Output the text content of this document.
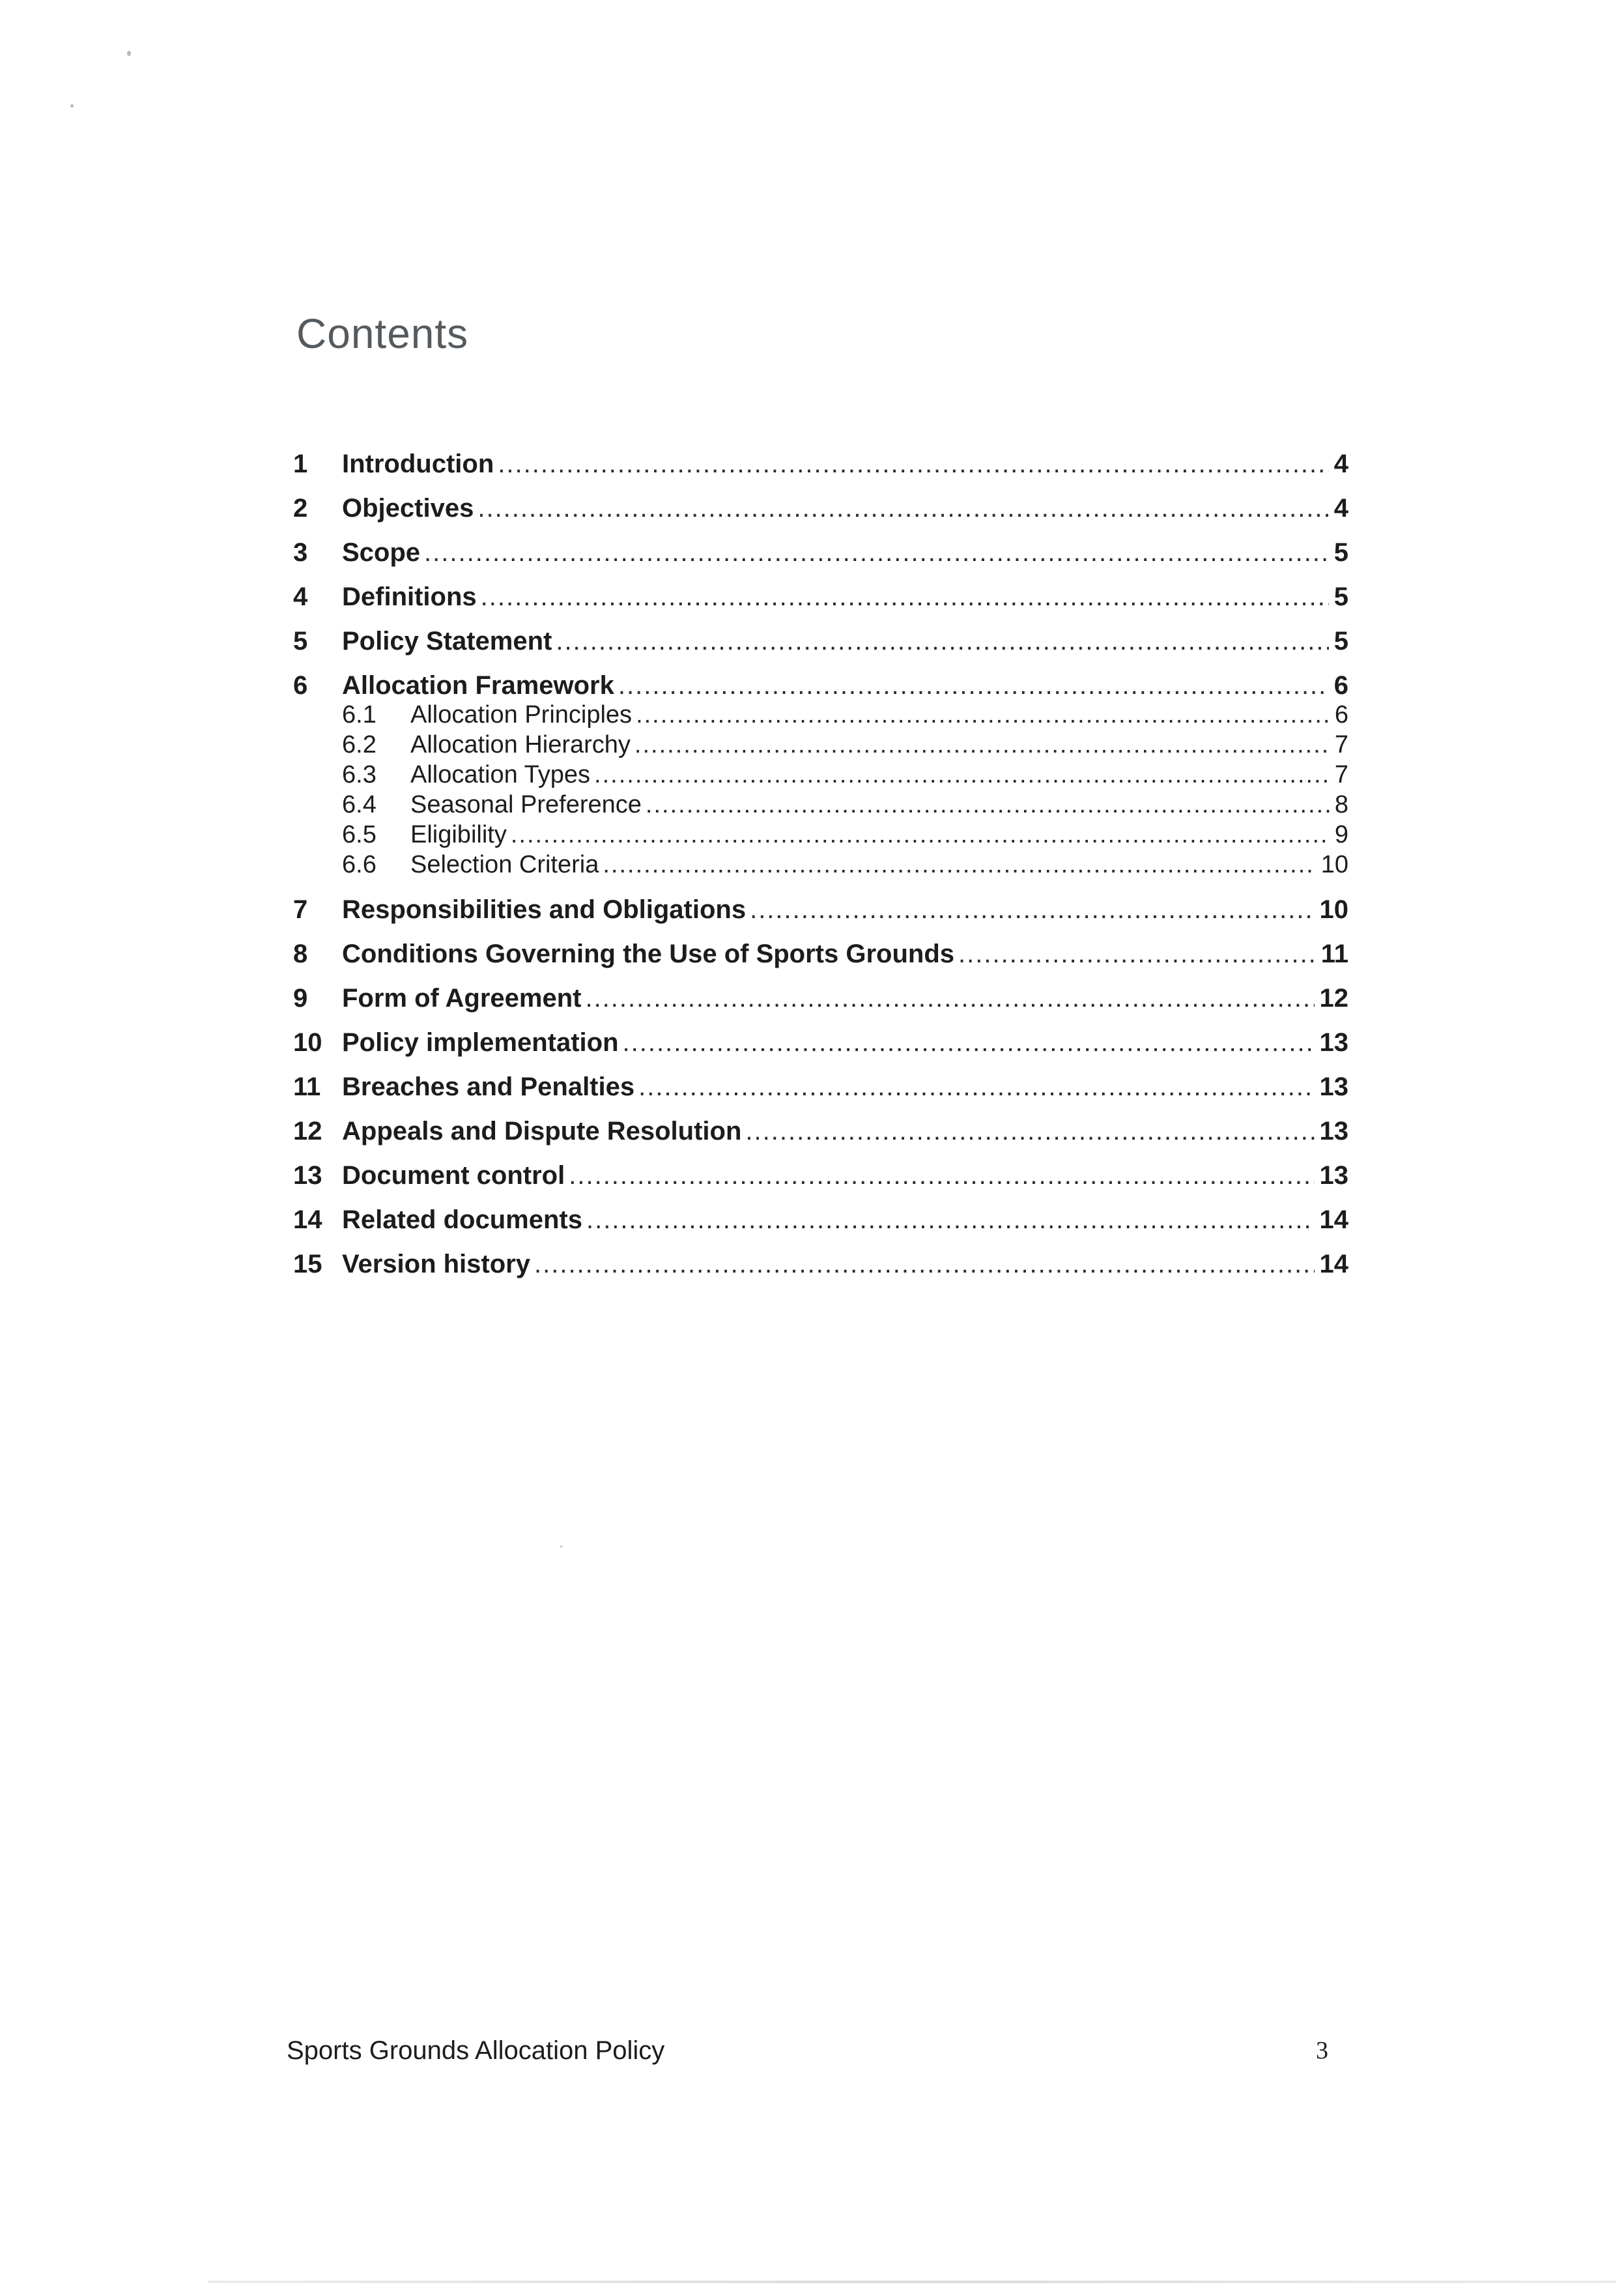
Contents
1	Introduction .....	4
2	Objectives .....	4
3	Scope .....	5
4	Definitions .....	5
5	Policy Statement .....	5
6	Allocation Framework .....	6
6.1	Allocation Principles .....	6
6.2	Allocation Hierarchy .....	7
6.3	Allocation Types .....	7
6.4	Seasonal Preference .....	8
6.5	Eligibility .....	9
6.6	Selection Criteria .....	10
7	Responsibilities and Obligations .....	10
8	Conditions Governing the Use of Sports Grounds .....	11
9	Form of Agreement .....	12
10 Policy implementation .....	13
11 Breaches and Penalties .....	13
12 Appeals and Dispute Resolution .....	13
13 Document control .....	13
14 Related documents .....	14
15 Version history .....	14

Sports Grounds Allocation Policy	3
